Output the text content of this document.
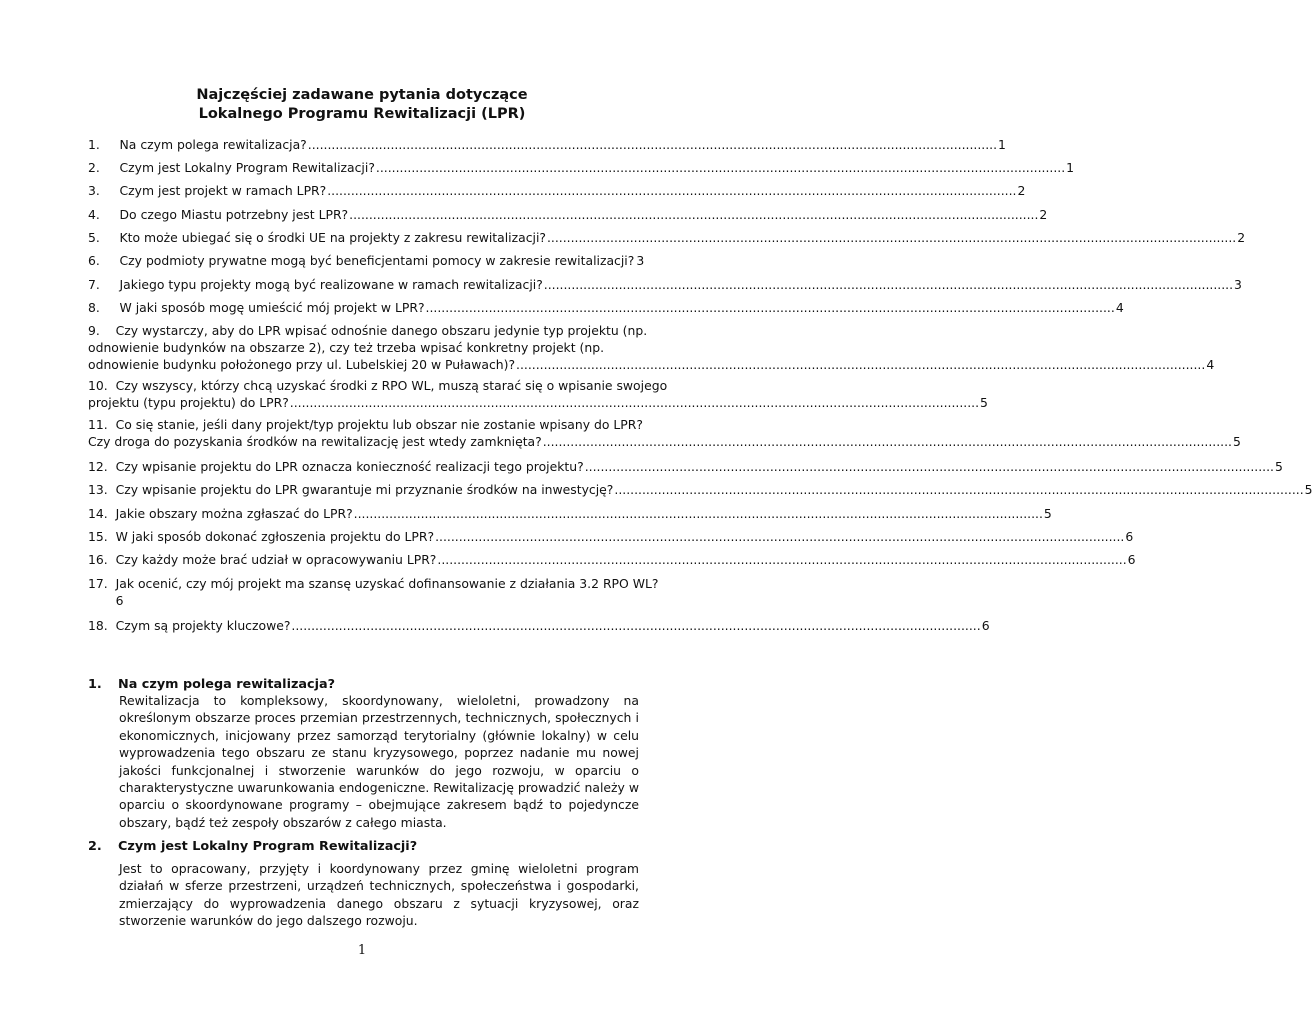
Najczęściej zadawane pytania dotyczące
Lokalnego Programu Rewitalizacji (LPR)
1.     Na czym polega rewitalizacja? .....	1
2.     Czym jest Lokalny Program Rewitalizacji? .....	1
3.     Czym jest projekt w ramach LPR? .....	2
4.     Do czego Miastu potrzebny jest LPR? .....	2
5.     Kto może ubiegać się o środki UE na projekty z zakresu rewitalizacji? .....	2
6.     Czy podmioty prywatne mogą być beneficjentami pomocy w zakresie rewitalizacji? 3
7.     Jakiego typu projekty mogą być realizowane w ramach rewitalizacji? .....	3
8.     W jaki sposób mogę umieścić mój projekt w LPR? .....	4
9.    Czy wystarczy, aby do LPR wpisać odnośnie danego obszaru jedynie typ projektu (np.
odnowienie budynków na obszarze 2), czy też trzeba wpisać konkretny projekt (np.
odnowienie budynku położonego przy ul. Lubelskiej 20 w Puławach)? .....	4
10.  Czy wszyscy, którzy chcą uzyskać środki z RPO WL, muszą starać się o wpisanie swojego
projektu (typu projektu) do LPR? .....	5
11.  Co się stanie, jeśli dany projekt/typ projektu lub obszar nie zostanie wpisany do LPR?
Czy droga do pozyskania środków na rewitalizację jest wtedy zamknięta? .....	5
12.  Czy wpisanie projektu do LPR oznacza konieczność realizacji tego projektu? .....	5
13.  Czy wpisanie projektu do LPR gwarantuje mi przyznanie środków na inwestycję? .....	5
14.  Jakie obszary można zgłaszać do LPR? .....	5
15.  W jaki sposób dokonać zgłoszenia projektu do LPR? .....	6
16.  Czy każdy może brać udział w opracowywaniu LPR? .....	6
17.  Jak ocenić, czy mój projekt ma szansę uzyskać dofinansowanie z działania 3.2 RPO WL?
6
18.  Czym są projekty kluczowe? .....	6
1. Na czym polega rewitalizacja?
Rewitalizacja to kompleksowy, skoordynowany, wieloletni, prowadzony na określonym obszarze proces przemian przestrzennych, technicznych, społecznych i ekonomicznych, inicjowany przez samorząd terytorialny (głównie lokalny) w celu wyprowadzenia tego obszaru ze stanu kryzysowego, poprzez nadanie mu nowej jakości funkcjonalnej i stworzenie warunków do jego rozwoju, w oparciu o charakterystyczne uwarunkowania endogeniczne. Rewitalizację prowadzić należy w oparciu o skoordynowane programy – obejmujące zakresem bądź to pojedyncze obszary, bądź też zespoły obszarów z całego miasta.
2. Czym jest Lokalny Program Rewitalizacji?
Jest to opracowany, przyjęty i koordynowany przez gminę wieloletni program działań w sferze przestrzeni, urządzeń technicznych, społeczeństwa i gospodarki, zmierzający do wyprowadzenia danego obszaru z sytuacji kryzysowej, oraz stworzenie warunków do jego dalszego rozwoju.
1
